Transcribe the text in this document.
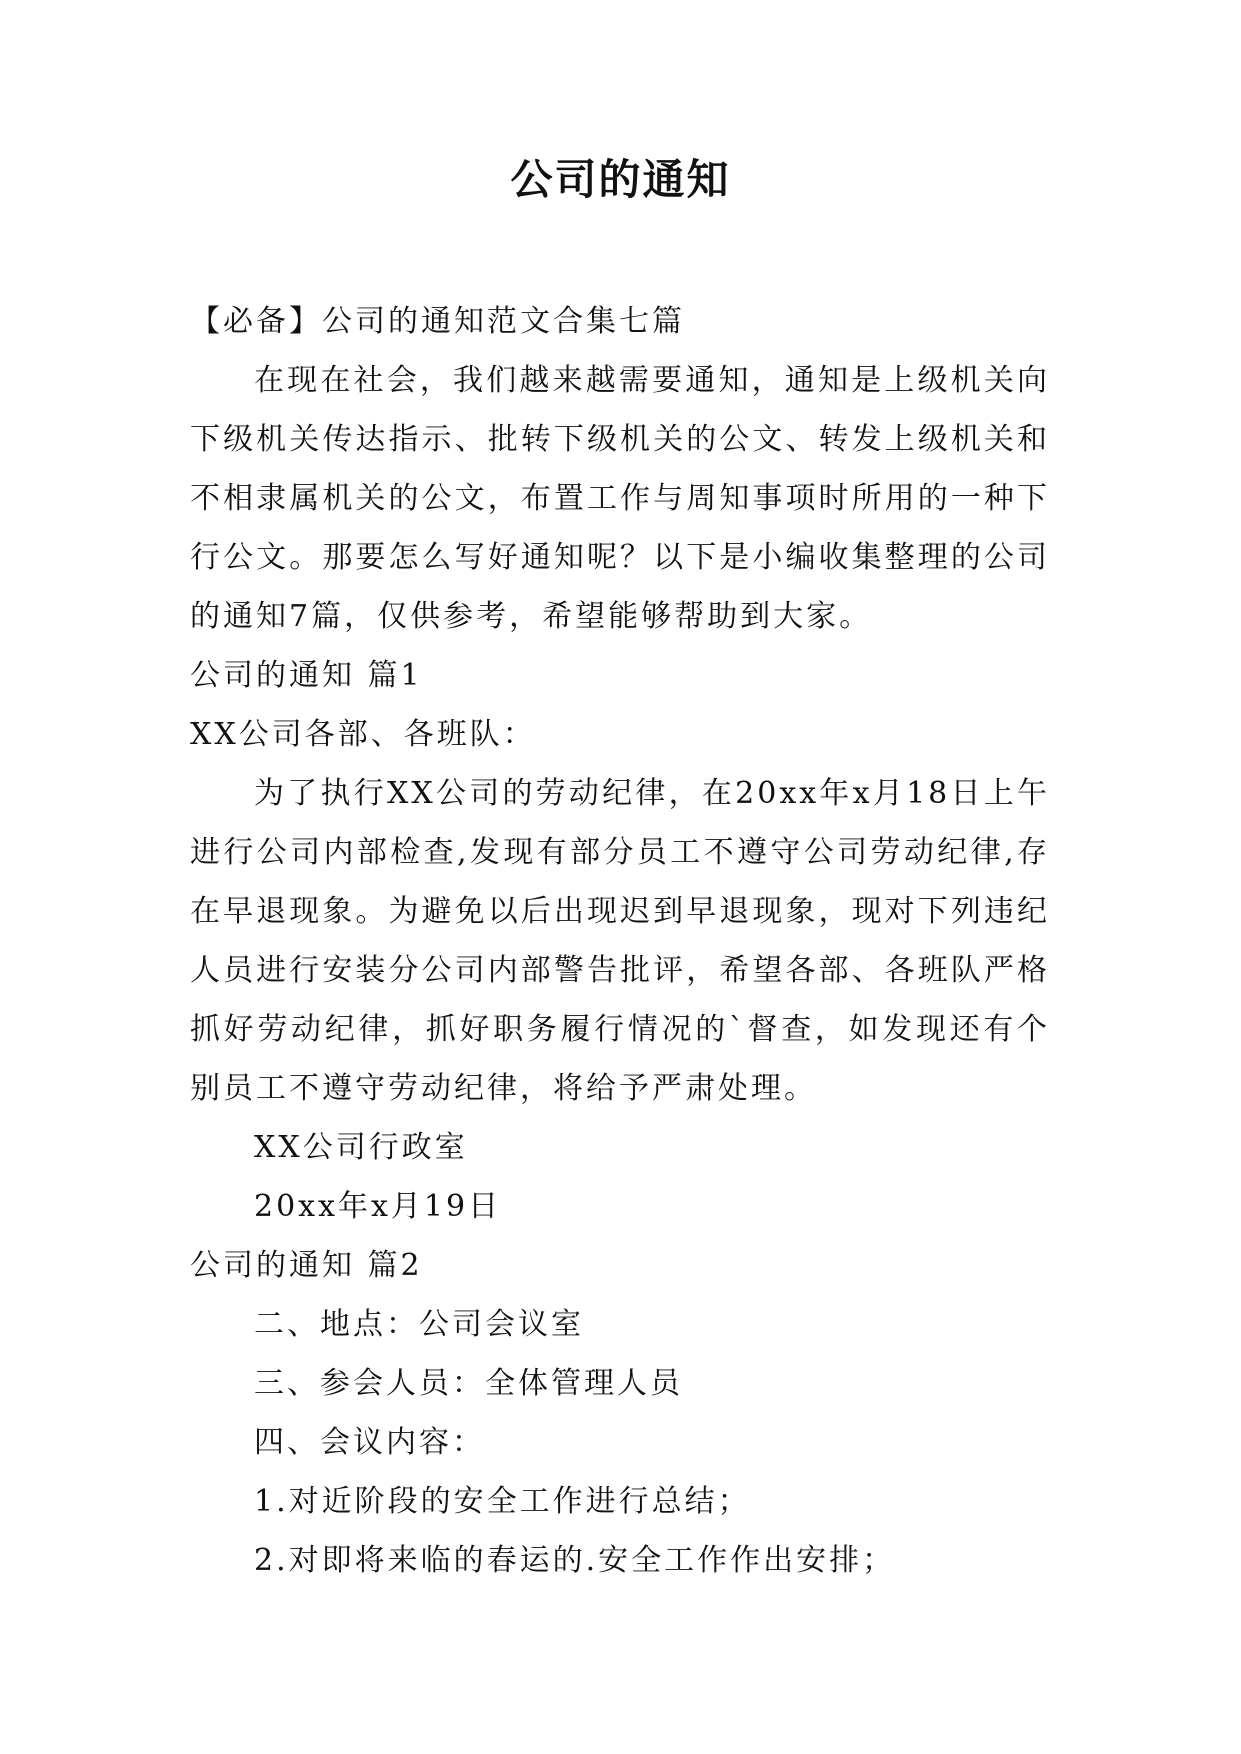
公司的通知

【必备】公司的通知范文合集七篇

在现在社会，我们越来越需要通知，通知是上级机关向下级机关传达指示、批转下级机关的公文、转发上级机关和不相隶属机关的公文，布置工作与周知事项时所用的一种下行公文。那要怎么写好通知呢？以下是小编收集整理的公司的通知7篇，仅供参考，希望能够帮助到大家。

公司的通知 篇1

XX公司各部、各班队：

为了执行XX公司的劳动纪律，在20xx年x月18日上午进行公司内部检查,发现有部分员工不遵守公司劳动纪律,存在早退现象。为避免以后出现迟到早退现象，现对下列违纪人员进行安装分公司内部警告批评，希望各部、各班队严格抓好劳动纪律，抓好职务履行情况的`督查，如发现还有个别员工不遵守劳动纪律，将给予严肃处理。

XX公司行政室

20xx年x月19日

公司的通知 篇2

二、地点：公司会议室

三、参会人员：全体管理人员

四、会议内容：

1.对近阶段的安全工作进行总结；

2.对即将来临的春运的.安全工作作出安排；
